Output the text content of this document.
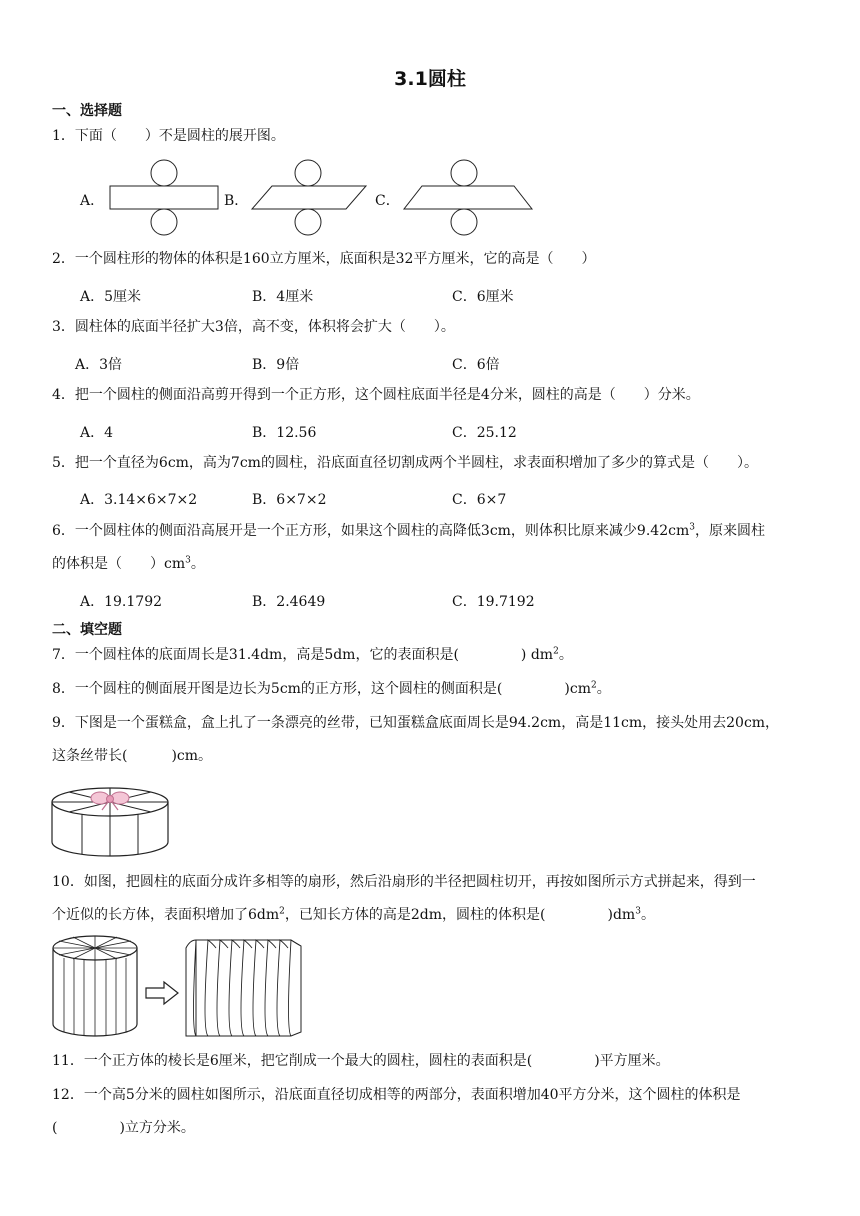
3.1圆柱
一、选择题
1．下面（　　）不是圆柱的展开图。
A．	B．	C．
2．一个圆柱形的物体的体积是160立方厘米，底面积是32平方厘米，它的高是（　　）
A．5厘米	B．4厘米	C．6厘米
3．圆柱体的底面半径扩大3倍，高不变，体积将会扩大（　　）。
A．3倍	B．9倍	C．6倍
4．把一个圆柱的侧面沿高剪开得到一个正方形，这个圆柱底面半径是4分米，圆柱的高是（　　）分米。
A．4	B．12.56	C．25.12
5．把一个直径为6cm，高为7cm的圆柱，沿底面直径切割成两个半圆柱，求表面积增加了多少的算式是（　　）。
A．3.14×6×7×2	B．6×7×2	C．6×7
6．一个圆柱体的侧面沿高展开是一个正方形，如果这个圆柱的高降低3cm，则体积比原来减少$9.42cm^3$，原来圆柱
的体积是（　　）$cm^3$。
A．19.1792	B．2.4649	C．19.7192
二、填空题
7．一个圆柱体的底面周长是31.4dm，高是5dm，它的表面积是(	) $dm^2$。
8．一个圆柱的侧面展开图是边长为5cm的正方形，这个圆柱的侧面积是(	)$cm^2$。
9．下图是一个蛋糕盒，盒上扎了一条漂亮的丝带，已知蛋糕盒底面周长是94.2cm，高是11cm，接头处用去20cm，
这条丝带长(	)cm。
10．如图，把圆柱的底面分成许多相等的扇形，然后沿扇形的半径把圆柱切开，再按如图所示方式拼起来，得到一
个近似的长方体，表面积增加了$6dm^2$，已知长方体的高是2dm，圆柱的体积是(	)$dm^3$。
11．一个正方体的棱长是6厘米，把它削成一个最大的圆柱，圆柱的表面积是(	)平方厘米。
12．一个高5分米的圆柱如图所示，沿底面直径切成相等的两部分，表面积增加40平方分米，这个圆柱的体积是
(	)立方分米。
